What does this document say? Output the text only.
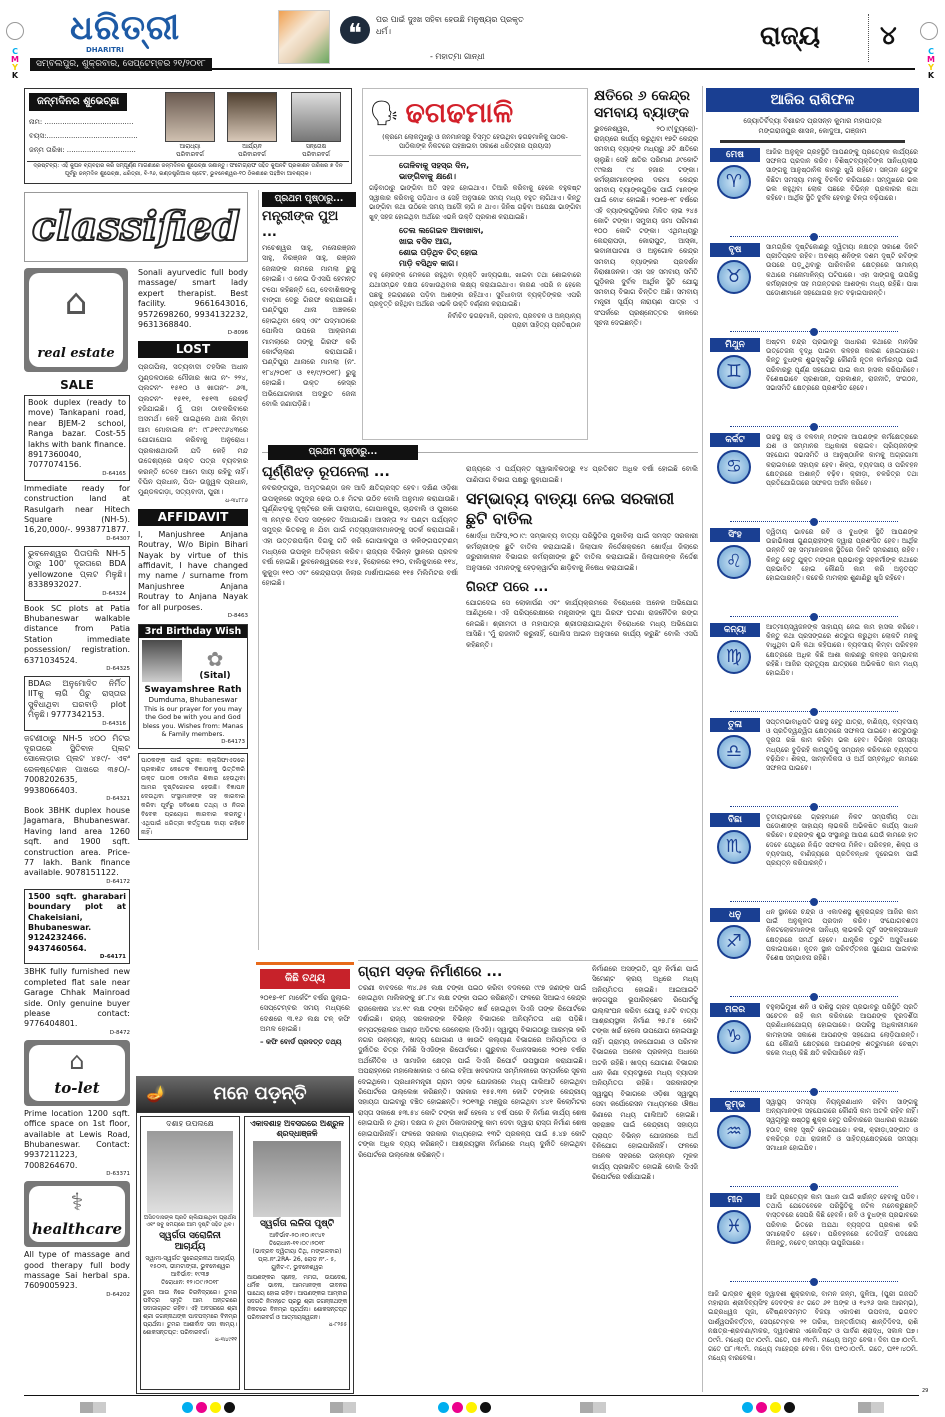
C
M
Y
K
ଧରିତ୍ରୀ
DHARITRI
ସମ୍ବଲପୁର, ଶୁକ୍ରବାର, ସେପ୍ଟେମ୍ବର ୨୧/୨୦୧୮
❝	ପର ପାଇଁ ଦୁଃଖ ସହିବା ହେଉଛି ମନୁଷ୍ୟର ପ୍ରକୃତ ଧର୍ମ।
- ମହାତ୍ମା ଗାନ୍ଧୀ
ରାଜ୍ୟ ୪
C
M
Y
K
ଜନ୍ମଦିନର ଶୁଭେଚ୍ଛା
ନାମ: ........................................
ବୟସ:.........................................
ଜନ୍ମ ତାରିଖ: ...............................	ଆରାଧ୍ୟା
ପରିବାରବର୍ଗ
ଆର୍ଯ୍ୟନ
ପରିବାରବର୍ଗ
ସନ୍ତୋଷ
ପରିବାରବର୍ଗ
ଦ୍ରଷ୍ଟବ୍ୟ: ଏହି କୁପନ ବ୍ୟବହାର କରି ସମ୍ପୂର୍ଣ୍ଣ ମାଗଣାରେ ଜନ୍ମଦିନର ଶୁଭେଚ୍ଛା ଜଣାନ୍ତୁ। ଫଟୋଗ୍ରାଫ ସହିତ କୁପନଟି ପ୍ରକାଶନ ତାରିଖର ୭ ଦିନ ପୂର୍ବରୁ ଜନ୍ମଦିନ ଶୁଭେଚ୍ଛା, ଧରିତ୍ରୀ, ବି-୨୬, ଇଣ୍ଡଷ୍ଟ୍ରିଆଲ ଷ୍ଟେଟ, ଭୁବନେଶ୍ୱର-୧୦ ଠିକଣାରେ ପହଞ୍ଚିବା ଆବଶ୍ୟକ।
classified
⌂
real estate
Sonali ayurvedic full body massage/ smart lady expert therapist. Best facility. 9661643016, 9572698260, 9934132232, 9631368840.
D-8096
LOST
ପ୍ରତାପିଲା, ସତ୍ୟବାଦୀ ତହସିଲ ଅଧୀନ ମୁଣ୍ଡଳଠାରେ ମୌଜାର ଖାତା ନଂ- ୨୨୪, ପ୍ଲଟନଂ- ୧୫୧୦ ଓ ଖାତାନଂ- ୬୩, ପ୍ଲଟନଂ- ୧୫୧୧, ୧୫୧୩ ରେକର୍ଡ଼ ହଜିଯାଇଛି। ମୁଁ ତାହା ଠାବକରିବାରେ ଅସମର୍ଥ। କେହି ପାଇଥିଲେ ଥାନା କିମ୍ବା ଆମ ମୋବାଇଲ ନଂ: ୯୮୬୧୯୯୬୪୩ରେ ଯୋଗାଯୋଗ କରିବାକୁ ଅନୁରୋଧ। ପ୍ରକାଶଥାଉକି ଯଦି କେହି ମନ୍ଦ ଉଦ୍ଦେଶ୍ୟରେ ଉକ୍ତ ପତ୍ର ବ୍ୟବହାର କରନ୍ତି ତେବେ ଆମେ ଦାୟୀ ରହିବୁ ନାହିଁ। ବିପିନ ପ୍ରଧାନ, ପିତା- ଉଜ୍ଜ୍ୱଳ ପ୍ରଧାନ, ମୁଣ୍ଡଳଗଡ଼ା, ସତ୍ୟବାଦୀ, ପୁରୀ।
ଧ-୩୪୮୮୬
AFFIDAVIT
I, Manjushree Anjana Routray, W/o Bipin Bihari Nayak by virtue of this affidavit, I have changed my name / surname from Manjushree Anjana Routray to Anjana Nayak for all purposes.
D-8463
3rd Birthday Wish
✿
(Sital)
Swayamshree Rath
Dumduma, Bhubaneswar
This is our prayer for you may the God be with you and God bless you. Wishes from: Manas & Family members.
D-64173
ପାଠକଙ୍କ ପାଇଁ ସୂଚନା: କ୍ଲାସିଫାଏଡରେ ପ୍ରକାଶିତ କେତେକ ବିଜ୍ଞାପନକୁ ଭିତ୍ତିକରି ଉକ୍ତ ପାଠକ ଠକାମିର ଶିକାର ହେଉଥିବା ଆମର ଦୃଷ୍ଟିଗୋଚର ହେଉଛି। ବିଜ୍ଞାପନ ଦେଉଥିବା ସଂସ୍ଥାମାନଙ୍କ ସହ କାରବାର କରିବା ପୂର୍ବରୁ ସବିଶେଷ ତଥ୍ୟ ଓ ନିଜର ବିବେକ ପ୍ରୟୋଗ କାରବାର କରନ୍ତୁ। ଏଥିପାଇଁ ଧରିତ୍ରୀ କର୍ତ୍ତୃପକ୍ଷ ଦାୟୀ ରହିବେ ନାହିଁ।
SALE
Book duplex (ready to move) Tankapani road, near BJEM-2 school, Ranga bazar. Cost-55 lakhs with bank finance. 8917360040, 7077074156.
D-64165
Immediate ready for construction land at Rasulgarh near Hitech Square (NH-5). 16,20,000/-. 9938771877.
D-64307
ଭୁବନେଶ୍ୱର ପିତାପଲି NH-5 ଠାରୁ 100' ଦୂରତାରେ BDA yellowzone ପ୍ଲଟ ମିଳୁଛି। 8338932027.
D-64324
Book SC plots at Patia Bhubaneswar walkable distance from Patia Station immediate possession/ registration. 6371034524.
D-64325
BDAର ଅନୁମୋଦିତ ନିର୍ମିତ IITକୁ ଲାଗି ପିଚୁ ରାସ୍ତାର ସୁବିଧାଥିବା ଘରବାଡ଼ି plot ମିଳୁଛି। 9777342153.
D-64316
ଜଟଣୀଠାରୁ NH-5 ୪୦୦ ମିଟର ଦୂରତାରେ ସ୍ଥିତିବାନ ପ୍ଲଟ ସୋଲେଡ଼ାର ପ୍ଲଟ ୪୫୯/- ଏବଂ ରେଳଷ୍ଟେଶନ ପାଖରେ ୩୫୦/- 7008202635, 9938066403.
D-64321
Book 3BHK duplex house Jagamara, Bhubaneswar. Having land area 1260 sqft. and 1900 sqft. construction area. Price- 77 lakh. Bank finance available. 9078151122.
D-64172
1500 sqft. gharabari boundary plot at Chakeisiani, Bhubaneswar. 9124232466. 9437460564.
D-64171
3BHK fully furnished new completed flat sale near Garage Chhak Mainroad side. Only genuine buyer please contact: 9776404801.
D-8472
⌂
to-let
Prime location 1200 sqft. office space on 1st floor, available at Lewis Road, Bhubaneswar. Contact: 9937211223, 7008264670.
D-63371
⚕
healthcare
All type of massage and good therapy full body massage Sai herbal spa. 7609005923.
D-64202
ପ୍ରଥମ ପୃଷ୍ଠାରୁ...
ମନ୍ତ୍ରୀଙ୍କ ପୁଅ ...
ମଚେଶ୍ୱର ସାହୁ, ମନୋରଞ୍ଜନ ସାହୁ, ନିରଞ୍ଜନ ସାହୁ, ରଞ୍ଜନ ଜେନାଙ୍କ ନାମରେ ମାମଲା ରୁଜୁ ହୋଇଛି। ଏ ନେଇ ଡିଏସପି ହେମନ୍ତ ଟପୋ କହିଛନ୍ତି ଯେ, ଦେବାଶିଷଙ୍କୁ ବାଙ୍ଗୀ ଦେରୁ ଗିରଫ କରାଯାଇଛି। ଘଣ୍ଟିପୁରା ଥାନା ଅଞ୍ଚଳରେ ହୋଇଥିବା କେସ୍ ଏବଂ ପଦ୍ମାଠାରେ ପୋଲିସ ଉପରେ ଆକ୍ରମଣ ମାମଲାରେ ତାଙ୍କୁ ଗିରଫ କରି କୋର୍ଟଚାଲାଣ କରାଯାଇଛି। ଘଣ୍ଟିପୁରା ଥାନାରେ ମାମଲା (ନଂ. ୧୮୪/୨୦୧୮ ଓ ୧୧/୯/୨୦୧୮) ରୁଜୁ ହୋଇଛି। ଉକ୍ତ କେସ୍‌ର ଅଭିଯୋଗକାରୀ ଅଦ୍ଭୁତ ଜେନା ବୋଲି ଜଣାପଡ଼ିଛି।
🗣 ଢଗଢମାଳି
(କ୍ରମେ ଲୋକମୁଖରୁ ଓ ଜନମାନସରୁ ବିସ୍ମୃତ ହେଉଥିବା ଢଗଢମାଳିକୁ ପାଠକ-ପାଠିକାଙ୍କ ନିକଟରେ ପହଞ୍ଚାଇବା ସକାଶେ ଧରିତ୍ରୀର ପ୍ରୟାସ)
ତୋଳିବାକୁ ସହସ୍ର ଦିନ,
ଭାଙ୍ଗିବାକୁ କ୍ଷଣେ।
ଗଢ଼ିବାଠାରୁ ଭାଙ୍ଗିବା ଅତି ସହଜ ହୋଇଥାଏ। ତିଆରି କରିବାକୁ ହେଲେ ବହୁକଷ୍ଟ ସ୍ୱୀକାର କରିବାକୁ ପଡ଼ିଥାଏ ଓ ସେହି ଅନୁସାରେ ସମୟ ମଧ୍ୟ ବହୁତ ଲାଗିଥାଏ। କିନ୍ତୁ ଭାଙ୍ଗିବା କଥା ଉଠିଲେ ସମୟ ଆଦୌ ଲାଗି ନ ଥାଏ। ଜିନିଷ ଗଢ଼ିବା ଅପେକ୍ଷା ଭାଙ୍ଗିବା ଖୁବ୍ ସହଜ ହୋଇଥିବା ଅର୍ଥରେ ଏଭଳି ଉକ୍ତି ପ୍ରକାଶ କରାଯାଇଛି।
ତେଲ ଲଗେଇବ ଆବାଖାବା,
ଖାଇ ବସିବ ଆଗ,
ଶୋଇ ପଡ଼ିଥିବ ଚିତ୍ ହୋଇ
ମାଡ଼ି ବସିଥିବ କାଗ।
ବହୁ ଲୋକଙ୍କ ମେଳରେ ରହୁଥିବା ବ୍ୟକ୍ତି ଖାଦ୍ୟଭକ୍ଷା, ଖାଇବା ତଥା ଶୋଇବାରେ ଯଥାସମ୍ଭବ ଦକ୍ଷତା ଦେଖାଉଥିବାର ଲକ୍ଷ୍ୟ କରାଯାଇଥାଏ। କାରଣ ଏପରି ନ ହେଲେ ପଛକୁ ହଇରାଣରେ ପଡ଼ିବା ଆଶଙ୍କା ରହିଥାଏ। ସୁବିଧାବାଦୀ ବ୍ୟକ୍ତିଙ୍କର ଏପରି ପ୍ରବୃତ୍ତି ରହିଥିବା ଅର୍ଥରେ ଏଭଳି ଉକ୍ତି ବର୍ଣ୍ଣନା କରାଯାଇଛି।
ନିର୍ବାଚିତ ଢଗଢମାଳି, ପ୍ରବାଦ, ପ୍ରବଚନ ଓ ଅନ୍ୟାନ୍ୟ
ପ୍ରାଚୀ ସାହିତ୍ୟ ପ୍ରତିଷ୍ଠାନ
କ୍ଷତିରେ ୬ କେନ୍ଦ୍ର ସମବାୟ ବ୍ୟାଙ୍କ
ଭୁବନେଶ୍ୱର, ୨୦।୯(ବ୍ୟୁରୋ)- ରାଜ୍ୟରେ କାର୍ଯ୍ୟ କରୁଥିବା ୧୭ଟି କେନ୍ଦ୍ର ସମବାୟ ବ୍ୟାଙ୍କ ମଧ୍ୟରୁ ୬ଟି କ୍ଷତିରେ ଚାଲୁଛି। ସେହି କ୍ଷତିର ପରିମାଣ ୬୯କୋଟି ୯୯ଲକ୍ଷ ୯୪ ହଜାର ଟଙ୍କା। କର୍ମଚାରୀମାନଙ୍କର ଦରମା କେନ୍ଦ୍ର ସମବାୟ ବ୍ୟାଙ୍କଗୁଡ଼ିକ ପାଇଁ ମାନଙ୍କ ପାଇଁ ବୋଝ ହୋଇଛି। ୨୦୧୭-୧୮ ବର୍ଷରେ ଏହି ବ୍ୟାଙ୍କଗୁଡ଼ିକର ମିଳିତ ଲାଭ ୨୪୫ କୋଟି ଟଙ୍କା। ସମୁଦାୟ ଜମା ପରିମାଣ ୧୦୦ କୋଟି ଟଙ୍କା। ଏଥିମଧ୍ୟରୁ କେନ୍ଦ୍ରାପଡ଼ା, କୋରାପୁଟ, ଆସ୍କା, ଭବାନୀପାଟଣା ଓ ଅନୁଗୋଳ କେନ୍ଦ୍ର ସମବାୟ ବ୍ୟାଙ୍କର ପ୍ରଦର୍ଶନ ନିରାଶାଜନକ। ଏହା ସହ ସମବାୟ ସମିତି ଗୁଡ଼ିକର ଦୁର୍ବଳ ଆର୍ଥିକ ସ୍ଥିତି ଯୋଗୁ ସମବାୟ ବିଭାଗ ଚିନ୍ତିତ ଅଛି। ସମବାୟ ମନ୍ତ୍ରୀ ସୂର୍ଯ୍ୟ ନାରାୟଣ ପାତ୍ର ଏ ସଂପର୍କରେ ପ୍ରଶ୍ନୋତ୍ତର କାଳରେ ସୂଚନା ଦେଇଛନ୍ତି।
ପ୍ରଥମ ପୃଷ୍ଠାରୁ...
ଘୂର୍ଣ୍ଣିଝଡ଼ ରୂପନେଲା ...
ନବରଙ୍ଗପୁର, ଅମୃତଭଣ୍ଡା ଜଳ ଆଦି କ୍ଷତିଗ୍ରସ୍ତ ହେବ। ଦକ୍ଷିଣ ଓଡ଼ିଶା ଉପକୂଳରେ ସମୁଦ୍ର ଢେଉ ୦.୫ ମିଟର ଉଠିବ ବୋଲି ଅନୁମାନ କରାଯାଉଛି। ଘୂର୍ଣ୍ଣିଝଡ଼କୁ ଦୃଷ୍ଟିରେ ରଖି ପାରାଦୀପ, ଗୋପାଳପୁର, ଚାନ୍ଦବାଲି ଓ ପୁରୀରେ ୩ ନମ୍ବର ବିପଦ ସଙ୍କେତ ଦିଆଯାଇଛି। ଆସନ୍ତା ୨୪ ଘଣ୍ଟା ପର୍ଯ୍ୟନ୍ତ ସମୁଦ୍ର ଭିତରକୁ ନ ଯିବା ପାଇଁ ମତ୍ସ୍ୟଜୀବୀମାନଙ୍କୁ ସତର୍କ କରାଯାଇଛି। ଏହା ଉତ୍ତରପଶ୍ଚିମ ଦିଗକୁ ଗତି କରି ଗୋପାଳପୁର ଓ କଳିଙ୍ଗପଟ୍ଟଣମ୍ ମଧ୍ୟରେ ଉପକୂଳ ଅତିକ୍ରମ କରିବ। ରାଜ୍ୟର ବିଭିନ୍ନ ସ୍ଥାନରେ ପ୍ରବଳ ବର୍ଷା ହୋଇଛି। ଭୁବନେଶ୍ୱରରେ ୧୪୫, ହିରୋଳରେ ୧୨୦, ବାଲିକୁଦାରେ ୧୧୪, କୁକୁଡ଼ା ୧୧୦ ଏବଂ କେନ୍ଦ୍ରାପଡ଼ା ଜିଲାର ମାର୍ଶାଘାଇରେ ୧୧୫ ମିଲିମିଟର ବର୍ଷା ହୋଇଛି।
ରାଜ୍ୟରେ ଏ ପର୍ଯ୍ୟନ୍ତ ସ୍ୱାଭାବିକଠାରୁ ୧୪ ପ୍ରତିଶତ ଅଧିକ ବର୍ଷା ହୋଇଛି ବୋଲି ପାଣିପାଗ ବିଭାଗ ପକ୍ଷରୁ କୁହାଯାଇଛି।
ସମ୍ଭାବ୍ୟ ବାତ୍ୟା ନେଇ ସରକାରୀ ଛୁଟି ବାତିଲ
ଖୋର୍ଦ୍ଧା ଅଫିସ,୨୦।୯: ସମ୍ଭାବ୍ୟ ବାତ୍ୟା ପରିସ୍ଥିତିର ମୁକାବିଲା ପାଇଁ ସମସ୍ତ ସରକାରୀ କର୍ମଚାରୀଙ୍କ ଛୁଟି ବାତିଲ କରାଯାଇଛି। ଜିଲାପାଳ ନିର୍ଦ୍ଦେଶକ୍ରମେ ଖୋର୍ଦ୍ଧା ଜିଲାରେ ଜରୁରୀକାଳୀନ ବିଭାଗର କର୍ମଚାରୀଙ୍କ ଛୁଟି ବାତିଲ କରାଯାଇଛି। ଜିଲାପାଳଙ୍କ ନିର୍ଦ୍ଦେଶ ଅନୁସାରେ ଏମାନଙ୍କୁ ହେଡ଼କ୍ୱାର୍ଟର ଛାଡ଼ିବାକୁ ନିଷେଧ କରାଯାଇଛି।
ଗିରଫ ପରେ ...
ଯୋଗଦେଇ ସେ ଲୋକାର୍ପଣ ଏବଂ କାର୍ଯ୍ୟକ୍ରମରେ ବିରୋଧରେ ଅନେକ ଅଭିଯୋଗ ଆଣିଥିଲେ। ଏହି ପରିପ୍ରେକ୍ଷୀରେ ମନ୍ତ୍ରୀଙ୍କ ପୁଅ ଗିରଫ ଘଟଣା ରାଜନୈତିକ ରଙ୍ଗ ନେଇଛି। ଶ୍ରୀମତୀ ଓ ମହାପାତ୍ର ଶ୍ରୀତାରାଯାଇଥିବା ବିରୋଧରେ ମଧ୍ୟ ଅଭିଯୋଗ ଆସିଛି। 'ମୁଁ ରାଜନୀତି କରୁନାହିଁ, ପୋଲିସ ଆଇନ ଅନୁସାରେ କାର୍ଯ୍ୟ କରୁଛି' ବୋଲି ଏସପି କହିଛନ୍ତି।
କିଛି ତଥ୍ୟ
୨୦୧୭-୧୮ ମାର୍କେଟିଂ ବର୍ଷର ଜୁଲାଇ-ସେପ୍ଟେମ୍ବର ସମୟ ମଧ୍ୟରେ ଦେଶରେ ୩.୧୬ ଲକ୍ଷ ଟନ୍ କଫି ଅମଳ ହୋଇଛି।
– କଫି ବୋର୍ଡ ପ୍ରଦତ୍ତ ତଥ୍ୟ
ଗ୍ରାମ ସଡ଼କ ନିର୍ମାଣରେ ...
ତରଣୀ ବାବଦରେ ୩୪.୬୫ ଲକ୍ଷ ଟଙ୍କା ପଇଠ କରିବା ବଦଳରେ ୯୯୭ ଜଣଙ୍କ ପାଇଁ ହୋଇଥିବା ମାଲିକଙ୍କୁ ୭୮.୮୪ ଲକ୍ଷ ଟଙ୍କା ପଇଠ କରିଛନ୍ତି। ଫଳରେ ସିଆଇଏ କେନ୍ଦ୍ର ରାଜକୋଷର ୪୪.୧୯ ଲକ୍ଷ ଟଙ୍କା ଅତିରିକ୍ତ ଖର୍ଚ୍ଚ ହୋଇଥିବା ସିଏଜି ତାଙ୍କ ରିପୋର୍ଟରେ ଦର୍ଶାଇଛି। ରାଜ୍ୟ ସରକାରଙ୍କ ବିଭିନ୍ନ ବିଭାଗରେ ଅନିୟମିତତା ଧରା ପଡ଼ିଛି। କମ୍ପଟ୍ରୋଲର ଆଣ୍ଡ ଅଡିଟର ଜେନେରାଲ (ସିଏଜି)। ସ୍ୱାସ୍ଥ୍ୟ ବିଭାଗଠାରୁ ଆରମ୍ଭ କରି ନଗର ଉନ୍ନୟନ, ଖାଦ୍ୟ ଯୋଗାଣ ଓ ଖାଉଟି କଲ୍ୟାଣ ବିଭାଗରେ ଅନିୟମିତତା ଓ ଦୁର୍ନୀତିର ଚିତ୍ର ମିଳିଛି ସିଏଜିଙ୍କ ରିପୋର୍ଟରେ। ଗୁରୁବାର ବିଧାନସଭାରେ ୨୦୧୭ ବର୍ଷର ଅର୍ଥନୈତିକ ଓ ସାମାଜିକ କ୍ଷେତ୍ର ପାଇଁ ସିଏଜି ରିପୋର୍ଟ ଉପସ୍ଥାପନ କରାଯାଇଛି। ଅପରାହ୍ନରେ ମହାଲେଖାକାର ଏ ନେଇ ବହିଆ ଖବରଦାତା ସମ୍ମିଳନୀରେ ସମ୍ପର୍କରେ ସୂଚନା ଦେଇଥିଲେ। ପ୍ରଧାନମନ୍ତ୍ରୀ ଗ୍ରାମ ସଡ଼କ ଯୋଜନାରେ ମଧ୍ୟ ଗାଲିଆତି ହୋଇଥିବା ରିପୋର୍ଟରେ ଉଲ୍ଲେଖ କରିଛନ୍ତି। ସରକାର ୧୫୫.୩୩ କୋଟି ଟଙ୍କାର କେନ୍ଦ୍ରୀୟ ସହାୟତା ପାଇବାରୁ ବଞ୍ଚିତ ହୋଇଛନ୍ତି। ୨୦୧୩ରୁ ମଞ୍ଜୁର ହୋଇଥିବା ୪୪୧ କିଲୋମିଟର ରାସ୍ତା ସକାଶେ ୫୩.୫୪ କୋଟି ଟଙ୍କା ଖର୍ଚ୍ଚ ହେଲେ ୪ ବର୍ଷ ପରେ ବି ନିର୍ମାଣ କାର୍ଯ୍ୟ ଶେଷ ହୋଇପାରି ନ ଥିଲା। ଦକ୍ଷତା ନ ଥିବା ଠିକାଦାରଙ୍କୁ କାମ ଦେବା ଦ୍ୱାରା ରାସ୍ତା ନିର୍ମାଣ ଶେଷ ହୋଇପାରିନାହିଁ। ଫଳରେ ସରକାର ବାଧ୍ୟହୋଇ ୧୩ଟି ପ୍ରକଳ୍ପ ପାଇଁ ୫.୪୭ କୋଟି ଟଙ୍କା ଅଧିକ ବ୍ୟୟ କରିଛନ୍ତି। ଆଶ୍ରୟସ୍ଥଳୀ ନିର୍ମାଣରେ ମଧ୍ୟ ଦୁର୍ନୀତି ହୋଇଥିବା ରିପୋର୍ଟରେ ଉଲ୍ଲେଖ କରିଛନ୍ତି।
ନିର୍ମାଣରେ ଅସଙ୍ଗତି, ଗୃହ ନିର୍ମାଣ ପାଇଁ ସିମେଣ୍ଟ କ୍ରୟ ଅଧିରେ ମଧ୍ୟ ଅନିୟମିତତା ହୋଇଛି। ଆଇଆଇଟି ଖଡ଼ଗପୁର ଭୂପାରିଚ୍ଛେଦ ରିପୋର୍ଟକୁ ଉଲ୍ଲଂଘନ କରିବା ଯୋଗୁ ୫୬ଟି ବାତ୍ୟା ଆଶ୍ରୟସ୍ଥଳୀ ନିର୍ମାଣ ୨୭.୮୫ କୋଟି ଟଙ୍କା ଖର୍ଚ୍ଚ ହେଲେ ଉପଯୋଗ ହୋଇପାରୁ ନାହିଁ। ଗ୍ରାମ୍ୟ ଜଳଯୋଗାଣ ଓ ପରିମଳ ବିଭାଗରେ ଅନେକ ପ୍ରକଳ୍ପ ଅଧାରେ ଅଟକି ରହିଛି। ଖାଦ୍ୟ ଯୋଗାଣ ବିଭାଗର ଧାନ କିଣା ବ୍ୟବସ୍ଥାରେ ମଧ୍ୟ ବ୍ୟାପକ ଅନିୟମିତତା ରହିଛି। ସରକାରଙ୍କ ସ୍ୱାସ୍ଥ୍ୟ ବିଭାଗରେ ଓଡ଼ିଶା ସ୍ୱାସ୍ଥ୍ୟ ସେବା କର୍ପୋରେସନ ମାଧ୍ୟମରେ ଔଷଧ କିଣାରେ ମଧ୍ୟ ଗାଲିଆତି ହୋଇଛି। ସହରାଞ୍ଚଳ ପାଇଁ କେନ୍ଦ୍ରୀୟ ସହାୟତା ପ୍ରାପ୍ତ ବିଭିନ୍ନ ଯୋଜନାରେ ଅର୍ଥ ବିନିଯୋଗ ହୋଇପାରିନାହିଁ। ଫଳରେ ଅନେକ ସହରରେ ଉନ୍ନୟନ ମୂଳକ କାର୍ଯ୍ୟ ପ୍ରଭାବିତ ହୋଇଛି ବୋଲି ସିଏଜି ରିପୋର୍ଟରେ ଦର୍ଶାଯାଇଛି।
🪔	ମନେ ପଡ଼ନ୍ତି
ଦଶାହ ଉପଲକ୍ଷେ
ଅସିତଦାସଙ୍କ ପ୍ରତି ଚାଲିଯାଇଥିବା ପ୍ରାର୍ଥନା ଏବଂ ସବୁ ସମୟରେ ଆମ ଦୃଷ୍ଟି ସହିତ ଥିବ।
ସ୍ୱର୍ଗତା ସରୋଜିନୀ ଆଚାର୍ଯ୍ୟ
ସ୍ୱାମୀ-ସ୍ୱର୍ଗତ ସୁରେନ୍ଦ୍ରନାଥ ଆଚାର୍ଯ୍ୟ
୧୫୦୩, ଭୀମଟାଙ୍ଗୀ, ଭୁବନେଶ୍ୱର
ଆବିର୍ଭାବ: ୧୯୩୭
ତିରୋଧାନ: ୧୨।୦୯।୨୦୧୮
ତୁମେ ଆଉ ନିଜେ ଚିରନିଦ୍ରାରେ। ତୁମର ପବିତ୍ର ସ୍ମୃତି ଆମ ଅନ୍ତରରେ ସଦାଜାଗ୍ରତ ରହିବ। ଏହି ଅବସରରେ ଶ୍ରୀ ଶ୍ରୀ ଜଗନ୍ନାଥଙ୍କ ପାଦପଦ୍ମରେ ବିନମ୍ର ପ୍ରାର୍ଥନା। ତୁମର ଆଶୀର୍ବାଦ ସଦା କାମ୍ୟ। ଶୋକସନ୍ତପ୍ତ: ପରିବାରବର୍ଗ।
ଧ-୩୪୯୧୧
ଏକାଦଶାହ ଅବସରରେ ଅଶ୍ରୁଳ ଶ୍ରଦ୍ଧାଞ୍ଜଳି
ସ୍ୱର୍ଗତା ଲଳିତା ପୃଷ୍ଟି
ଆବିର୍ଭାବ-୨୦।୧୦।୧୯୪୧
ତିରୋଧାନ-୧୧।୦୯।୨୦୧୮
(ଭାଦ୍ରବ ଦ୍ୱିତୀୟା ତିଥି, ମଙ୍ଗଳବାର)
ପ୍ଲା.ନଂ.2RA- 26, ରୋଡ ନଂ.- ୫,
ୟୁନିଟ-୯, ଭୁବନେଶ୍ୱର
ଆପଣଙ୍କର ସ୍ନେହ, ମମତା, ଉପଦେଶ, ଧର୍ମିକ ଭାବନା, ଆମମାନଙ୍କ ଜୀବନର ପାଥେୟ ହୋଇ ରହିବ। ଆପଣଙ୍କର ଆମ୍ବାର ସଦଗତି ନିମନ୍ତେ ପ୍ରଭୁ ଶ୍ରୀ ଜଗନ୍ନାଥଙ୍କ ନିକଟରେ ବିନମ୍ର ପ୍ରାର୍ଥନା। ଶୋକସନ୍ତପ୍ତ ପରିବାରବର୍ଗ ଓ ଆତ୍ମୀୟସ୍ୱଜନ।
ଧ-୮୨୫୫
ଆଜିର ରାଶିଫଳ
ଜ୍ୟୋତିର୍ବିଦ୍ୟା ବିଶାରଦ ପ୍ରସନ୍ନ କୁମାର ମହାପାତ୍ର
ମଙ୍ଗରାଜପୁର ଶାସନ, କୋଦୁଆ, ଗଞ୍ଜାମ
ମେଷ
♈
ଆଜିର ଅନୁକୂଳ ଗ୍ରହସ୍ଥିତି ଆପଣଙ୍କୁ ପ୍ରତ୍ୟେକ କାର୍ଯ୍ୟରେ ସଫଳତା ପ୍ରଦାନ କରିବ। ବିଶିଷ୍ଟବ୍ୟକ୍ତିଙ୍କ ସାନିଧ୍ୟଲାଭ ସାଙ୍ଗକୁ ଆନୁଷ୍ଠାନିକ କାମରୁ ଖୁସି ରହିବେ। ସନ୍ତାନ ହେତୁକ କିଛିଟା ସମସ୍ୟା ମନକୁ ବିଚଳିତ କରିପାରେ। ସମ୍ମୁଖରେ ଭଲ ଭଲ କହୁଥିବା ଲୋକ ପଛରେ ବିଭିନ୍ନ ପ୍ରକାରର କଥା କହିବେ। ଆର୍ଥିକ ସ୍ଥିତି ଦୁର୍ବଳ ହେବାରୁ ଚିନ୍ତା ବଢ଼ିପାରେ।
ବୃଷ
♉
ସାମଗ୍ରିକ ଦୃଷ୍ଟିକୋଣରୁ ଦ୍ୱିତୀୟା ନକ୍ଷତ୍ର ସକାଶେ ଦିନଟି ପ୍ରୀତିପ୍ରଦ ରହିବ। ଅବଶ୍ୟ ଶନିଙ୍କ ଦଶମ ଦୃଷ୍ଟି ରବିଙ୍କ ଉପରେ ପଡ଼ୁଥିବାରୁ ପାରିବାରିକ କ୍ଷେତ୍ରରେ ସାମାନ୍ୟ କଥାରେ ମନୋମାଳିନ୍ୟ ଘଟିପାରେ। ଏହା ସାଙ୍ଗକୁ ଉପରିସ୍ଥ କର୍ମଚାରୀଙ୍କ ସହ ମତାନ୍ତରର ଆଶଙ୍କା ମଧ୍ୟ ରହିଛି। ପାଖ ପଡୋଶୀମାନେ ସହଯୋଗର ହାତ ବଢ଼ାଇପାରନ୍ତି।
ମିଥୁନ
♊
ଅଷ୍ଟମ ଚନ୍ଦ୍ର ପ୍ରଭାବରୁ ସାଧାରଣ କଥାରେ ମାନସିକ ଉତ୍ତେଜନା ବୃଦ୍ଧି ପାଇବା କଳହର କାରଣ ହୋଇପାରେ। କିନ୍ତୁ ବୁଧଙ୍କ ଶୁଭଦୃଷ୍ଟିରୁ କୌଣସି ନୂତନ କର୍ମାରମ୍ଭ ପାଇଁ ପରିବାରରୁ ପୂର୍ଣ୍ଣ ସହଯୋଗ ପାଇ କାମ ହାସଲ କରିପାରିବେ। ବିଶେଷଭାବେ ପ୍ରଶାସନ, ପ୍ରକାଶନ, ରାଜନୀତି, ସଂଗଠନ, ସଭାସମିତି କ୍ଷେତ୍ରରେ ପ୍ରଶଂସିତ ହେବେ।
କର୍କଟ
♋
ଉଚ୍ଚସ୍ଥ ରାହୁ ଓ ବଳବାନ୍ ମଙ୍ଗଳ ଆପଣଙ୍କ କର୍ମକ୍ଷେତ୍ରରେ ଯଶ ଓ ସମ୍ମାନର ଅଧିକାରୀ କରାଇବ। ପ୍ରିୟଜନଙ୍କ ସହଯୋଗ ସଭାସମିତି ଓ ଆନୁଷ୍ଠାନିକ କାମକୁ ଅଗ୍ରଗାମୀ କରାଇବାରେ ସହାୟକ ହେବ। ଶିଳ୍ପ, ବ୍ୟବସାୟ ଓ ପରିବହନ କ୍ଷେତ୍ରରେ ଅଶାନ୍ତି ବଢ଼ିବ। କ୍ରୀଡ଼ା, ଚଳଚ୍ଚିତ୍ର ତଥା ପ୍ରତିଯୋଗିତାରେ ସଫଳତା ଅର୍ଜନ କରିବେ।
ସିଂହ
♌
ଦ୍ୱିତୀୟ ଭାବରେ ରବି ଓ ବୁଧଙ୍କ ସ୍ଥିତି ଆପଣଙ୍କ ଉଚ୍ଚାଭିଳାଷୀ ଗୁଣଗ୍ରାହୀଙ୍କ ଦ୍ୱାରା ପ୍ରଶଂସିତ ହେବ। ଆର୍ଥିକ ଉନ୍ନତି ସହ ସମ୍ମାନଜନକ ସ୍ଥିତିରେ ଦିନଟି ସ୍ମରଣୀୟ ରହିବ। କିନ୍ତୁ କେତୁ ଯୁକ୍ତ ମଙ୍ଗଳ ପ୍ରଭାବରୁ ସହକର୍ମୀଙ୍କ କଥାରେ ପ୍ରଭାବିତ ହୋଇ କୌଣସି କାମ କରି ଅନୁତପ୍ତ ହୋଇପାରନ୍ତି। କଚେରି ମାମଲାର ଶୁଣାଣିରୁ ଖୁସି ରହିବେ।
କନ୍ୟା
♍
ଆତ୍ମୀୟସ୍ୱଜନଙ୍କ ସାହାଯ୍ୟ ନେଇ କାମ ହାସଲ କରିବେ। କିନ୍ତୁ କଥା ପ୍ରସଙ୍ଗରେ ଶତ୍ରୁତା କରୁଥିବା ଲୋକଟି ମନକୁ ବାଧୁଥିବା ଭଳି କଥା କହିପାରେ। ବ୍ୟବସାୟ କିମ୍ବା ପରିବହନ କ୍ଷେତ୍ରରେ ଅଧିକ କିଛି ଆଶା କାରଣରୁ କଳହର ସମ୍ଭାବନା ରହିଛି। ଆଜିର ପ୍ରତ୍ୟୂଷ ଯାତ୍ରାରେ ଅଭିଳଷିତ କାମ ମଧ୍ୟ ହୋଇଯିବ।
ତୁଳା
♎
ସପ୍ତମଭାବାଧିପତି ଉଚ୍ଚସ୍ଥ ହେତୁ ଯାତ୍ରା, ବାଣିଜ୍ୟ, ବ୍ୟବସାୟ ଓ ପ୍ରତିଦ୍ୱନ୍ଦ୍ୱିତା କ୍ଷେତ୍ରରେ ସଫଳତା ପାଇବେ। ଶତ୍ରୁଠାରୁ ଦୂରତା ରଖି କାମ କରିବା ଭଲ ହେବ। ବିଭିନ୍ନ ସମସ୍ୟା ମଧ୍ୟରେ ବୁଡ଼ିରହି କାମଗୁଡ଼ିକୁ ସମ୍ପନ୍ନ କରିବାରେ ବ୍ୟସ୍ତତା ବଢ଼ିଯିବ। ଶିଳ୍ପ, ସାମ୍ବାଦିକତା ଓ ଅର୍ଥ ସମ୍ବନ୍ଧିତ କାମରେ ସଫଳତା ପାଇବେ।
ବିଛା
♏
ତୃତୀୟଭାବରେ ଗ୍ରହମାନେ ନିକଟ ସମ୍ପର୍କୀୟ ତଥା ପଡୋଶୀଙ୍କ ସାହାଯ୍ୟ ଲାଭକରି ଅଭିଳଷିତ କାର୍ଯ୍ୟ ସାଧନ କରିବେ। ଚନ୍ଦ୍ରଙ୍କ ଶୁଭ ସଂସ୍ଥାନରୁ ଆପଣ ଯେଉଁ କାମରେ ହାତ ଦେବେ ସେଥିରେ ନିଶ୍ଚିତ ସଫଳତା ମିଳିବ। ପରିବହନ, ଶିଳ୍ପ ଓ ବ୍ୟବସାୟ, ବାଣିଜ୍ୟରେ ପ୍ରତିବନ୍ଧକ ଦୂରେଇବା ପାଇଁ ପ୍ରୟତ୍ନ କରିପାରନ୍ତି।
ଧନୁ
♐
ଧନ ସ୍ଥାନରେ ଚନ୍ଦ୍ର ଓ ଏକାଦଶସ୍ଥ ଶୁକ୍ରଗ୍ରହ ଆଜିର କାମ ପାଇଁ ଅନୁକୂଳତା ପ୍ରଦାନ କରିବ। ସଂଯୋଗବଶତଃ ନିକଟଲୋକମାନଙ୍କ ସାନିଧ୍ୟ ଲାଭକରି ପୂର୍ବ ସଙ୍କଳ୍ପସାଧନ କ୍ଷେତ୍ରରେ ସମର୍ଥ ହେବେ। ଯାନ୍ତ୍ରିକ ତ୍ରୁଟି ଅସୁବିଧାରେ ପକାଇପାରେ। ନୂତନ ସ୍ଥାନ ପରିବର୍ତ୍ତନର ସୁଯୋଗ ପାଇବାର ବିଶେଷ ସମ୍ଭାବନା ରହିଛି।
ମକର
♑
ବହୁଲାଭିମୁଖୀ ଶନି ଓ ରାଶିସ୍ଥ ଗ୍ରହ ପ୍ରଭାବରୁ ପରିସ୍ଥିତି ପ୍ରତି ସଚେତନ ରହି କାମ କରିବାରେ ଆପଣଙ୍କ ଦୂରଦର୍ଶିତା ପ୍ରଣିଧାନଯୋଗ୍ୟ ହୋଇପାରେ। ଉପରିସ୍ଥ ଅଧିକାରୀମାନେ କାମହାସଲ ସକାଶେ ଆପଣଙ୍କ ସହଯୋଗ ଲୋଡ଼ିପାରନ୍ତି। ଯେ କୌଣସି କ୍ଷେତ୍ରରେ ଆପଣଙ୍କ ଶତ୍ରୁମାନେ ଚେଷ୍ଟା କଲେ ମଧ୍ୟ କିଛି କ୍ଷତି କରିପାରିବେ ନାହିଁ।
କୁମ୍ଭ
♒
ସ୍ୱାସ୍ଥ୍ୟ ସମସ୍ୟା ନିୟନ୍ତ୍ରଣାଧୀନ ରହିବା ସାଙ୍ଗକୁ ଅନ୍ୟମାନଙ୍କ ସହଯୋଗରେ କୌଣସି କାମ ଅଟକି ରହିବ ନାହିଁ। ସ୍ୱଗୃହରୁ ଷଷ୍ଠସ୍ଥ ଶୁକ୍ର ହେତୁ ପରିବାରରେ ସାଧାରଣ କଥାରେ ହଠାତ୍ କଳହ ସୃଷ୍ଟି ହୋଇପାରେ। କଳା, କ୍ରୀଡ଼ା,ସଙ୍ଗୀତ ଓ ଚଳଚ୍ଚିତ୍ର ତଥା ରାଜନୀତି ଓ ସାହିତ୍ୟକ୍ଷେତ୍ରରେ ସମସ୍ୟା ସମାଧାନ ହୋଇଯିବ।
ମୀନ
♓
ଆଜି ପ୍ରତ୍ୟେକ କାମ ସାଧନ ପାଇଁ ଖର୍ଚ୍ଚାନ୍ତ ହେବାକୁ ପଡିବ। ତଥାପି ଯେତେବେଳେ ପରିସ୍ଥିତିକୁ ଜଟିଳ ମନେକରୁଛନ୍ତି ବାସ୍ତବରେ ସେପରି କିଛି ହେବନି। ରବି ଓ ବୁଧଙ୍କ ପ୍ରଭାବରେ ପରିବାର ଭିତରେ ଅଯଥା ବ୍ୟସ୍ତତା ପ୍ରକାଶ କରି ସମାଲୋଚିତ ହେବେ। ପରିବହନରେ ତେଜିତାହିଁ ପଦକ୍ଷେପ ନିଅନ୍ତୁ, ନଚେତ୍ ସମସ୍ୟା ଉପୁଜିପାରେ।
ଆଜି ଭାଦ୍ରବ ଶୁକ୍ଳ ଦ୍ୱାଦଶୀ ଶୁକ୍ରବାର, ବାମନ ଜନ୍ମ, ଜୁଳିଆ, (ପୁରୀ ଗଜପତି ମହାରାଜା ଶ୍ରୀଦିବ୍ୟସିଂହ ଦେବଙ୍କ ୫୯ ଗତେ ୬୧ ଅଙ୍କ ଓ ୧୪୨୬ ସାଲ ଆରମ୍ଭ), ଇନ୍ଦ୍ରଧ୍ୱଜ ପୂଜା, ବୈଷ୍ଣବସମ୍ମତ ବିଜୟା ଏକାଦଶୀ ଉପବାସ, ଭଗବତ ପାର୍ଶ୍ୱପରିବର୍ତ୍ତନ, ସେପ୍ଟେମ୍ବର ୨୧ ତାରିଖ, ଅନ୍ତର୍ଜାତୀୟ ଶାନ୍ତିଦିବସ, ରାଶି ନକ୍ଷତ୍ର-ଶ୍ରବଣା/ମକର, ଦ୍ୱାଦଶୀର ଏକୋଦିଷ୍ଟ ଓ ପାର୍ବଣ ଶ୍ରାଦ୍ଧ, ସକାଳ ଘ୭।୦୯ମି. ମଧ୍ୟେ ଘ୯।୦୯ମି. ଗତେ, ଘ୫।୩୯ମି. ମଧ୍ୟେ ଅମୃତ ବେଳା। ଦିବା ଘ୭।୦୯ମି. ଗତେ ଘ୮।୩୯ମି. ମଧ୍ୟେ ମାହେନ୍ଦ୍ର ବେଳା। ଦିବା ଘ୧୦।୦୯ମି. ଗତେ, ଘ୧୧।୪୦ମି. ମଧ୍ୟେ ବାରବେଳା।
29
